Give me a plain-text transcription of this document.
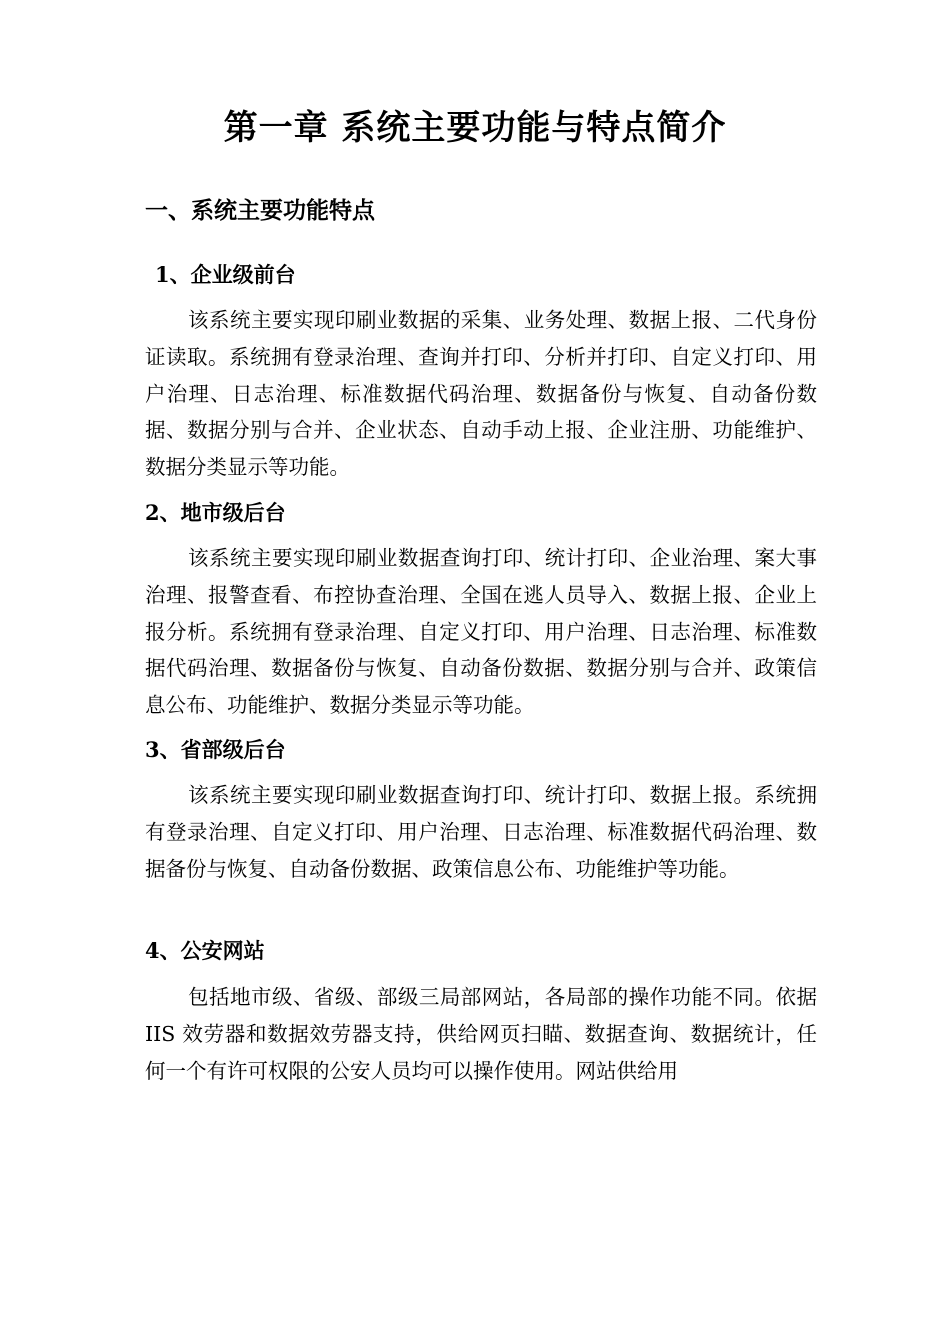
第一章 系统主要功能与特点简介
一、系统主要功能特点
1、企业级前台

该系统主要实现印刷业数据的采集、业务处理、数据上报、二代身份证读取。系统拥有登录治理、查询并打印、分析并打印、自定义打印、用户治理、日志治理、标准数据代码治理、数据备份与恢复、自动备份数据、数据分别与合并、企业状态、自动手动上报、企业注册、功能维护、数据分类显示等功能。

2、地市级后台

该系统主要实现印刷业数据查询打印、统计打印、企业治理、案大事治理、报警查看、布控协查治理、全国在逃人员导入、数据上报、企业上报分析。系统拥有登录治理、自定义打印、用户治理、日志治理、标准数据代码治理、数据备份与恢复、自动备份数据、数据分别与合并、政策信息公布、功能维护、数据分类显示等功能。

3、省部级后台

该系统主要实现印刷业数据查询打印、统计打印、数据上报。系统拥有登录治理、自定义打印、用户治理、日志治理、标准数据代码治理、数据备份与恢复、自动备份数据、政策信息公布、功能维护等功能。

4、公安网站

包括地市级、省级、部级三局部网站，各局部的操作功能不同。依据 IIS 效劳器和数据效劳器支持，供给网页扫瞄、数据查询、数据统计，任何一个有许可权限的公安人员均可以操作使用。网站供给用
